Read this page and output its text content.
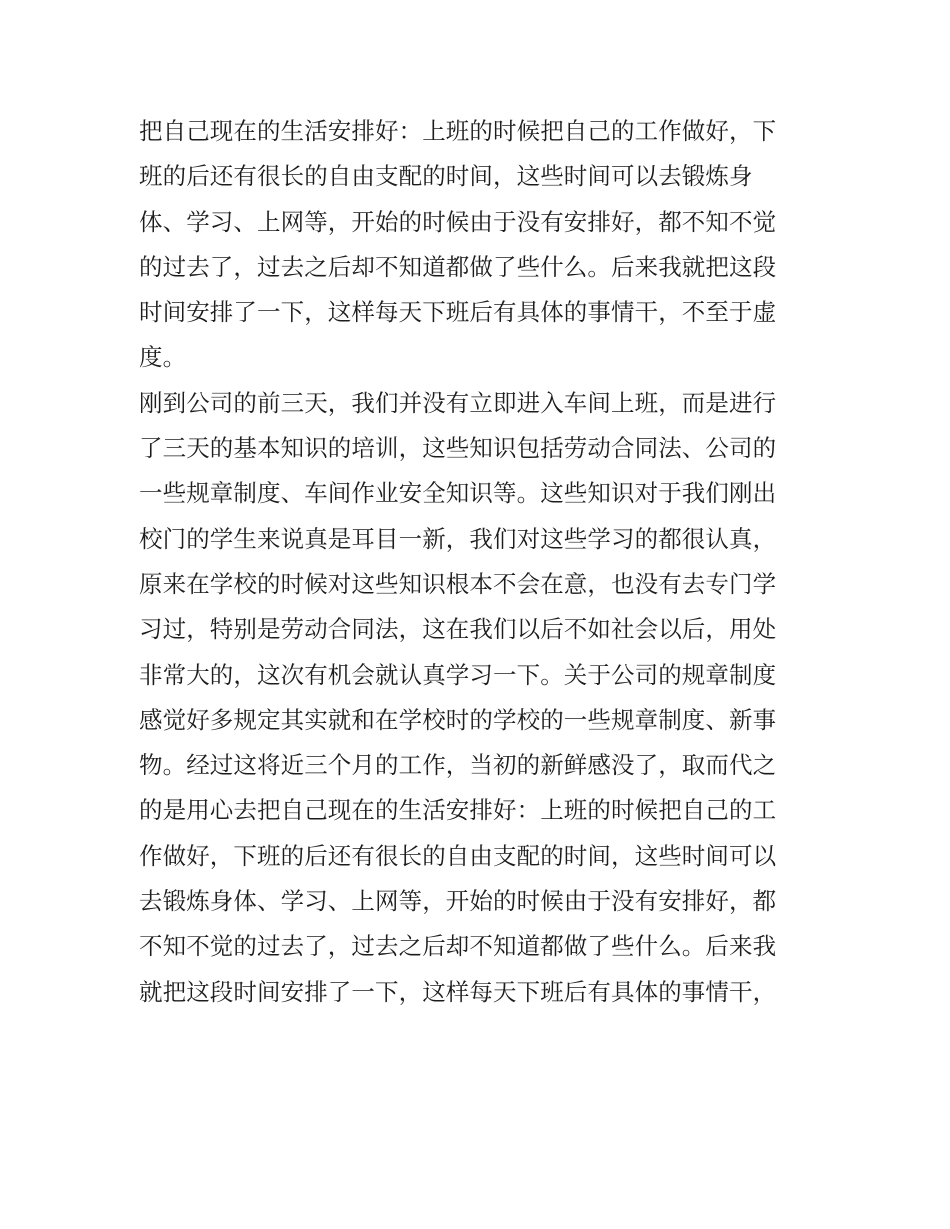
把自己现在的生活安排好：上班的时候把自己的工作做好，下
班的后还有很长的自由支配的时间，这些时间可以去锻炼身
体、学习、上网等，开始的时候由于没有安排好，都不知不觉
的过去了，过去之后却不知道都做了些什么。后来我就把这段
时间安排了一下，这样每天下班后有具体的事情干，不至于虚
度。
刚到公司的前三天，我们并没有立即进入车间上班，而是进行
了三天的基本知识的培训，这些知识包括劳动合同法、公司的
一些规章制度、车间作业安全知识等。这些知识对于我们刚出
校门的学生来说真是耳目一新，我们对这些学习的都很认真，
原来在学校的时候对这些知识根本不会在意，也没有去专门学
习过，特别是劳动合同法，这在我们以后不如社会以后，用处
非常大的，这次有机会就认真学习一下。关于公司的规章制度
感觉好多规定其实就和在学校时的学校的一些规章制度、新事
物。经过这将近三个月的工作，当初的新鲜感没了，取而代之
的是用心去把自己现在的生活安排好：上班的时候把自己的工
作做好，下班的后还有很长的自由支配的时间，这些时间可以
去锻炼身体、学习、上网等，开始的时候由于没有安排好，都
不知不觉的过去了，过去之后却不知道都做了些什么。后来我
就把这段时间安排了一下，这样每天下班后有具体的事情干，
